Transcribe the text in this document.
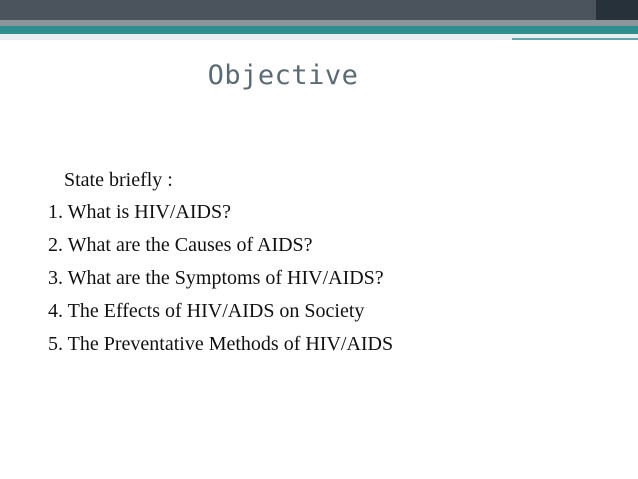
Objective
State briefly :
1. What is HIV/AIDS?
2. What are the Causes of AIDS?
3. What are the Symptoms of HIV/AIDS?
4. The Effects of HIV/AIDS on Society
5. The Preventative Methods of HIV/AIDS
